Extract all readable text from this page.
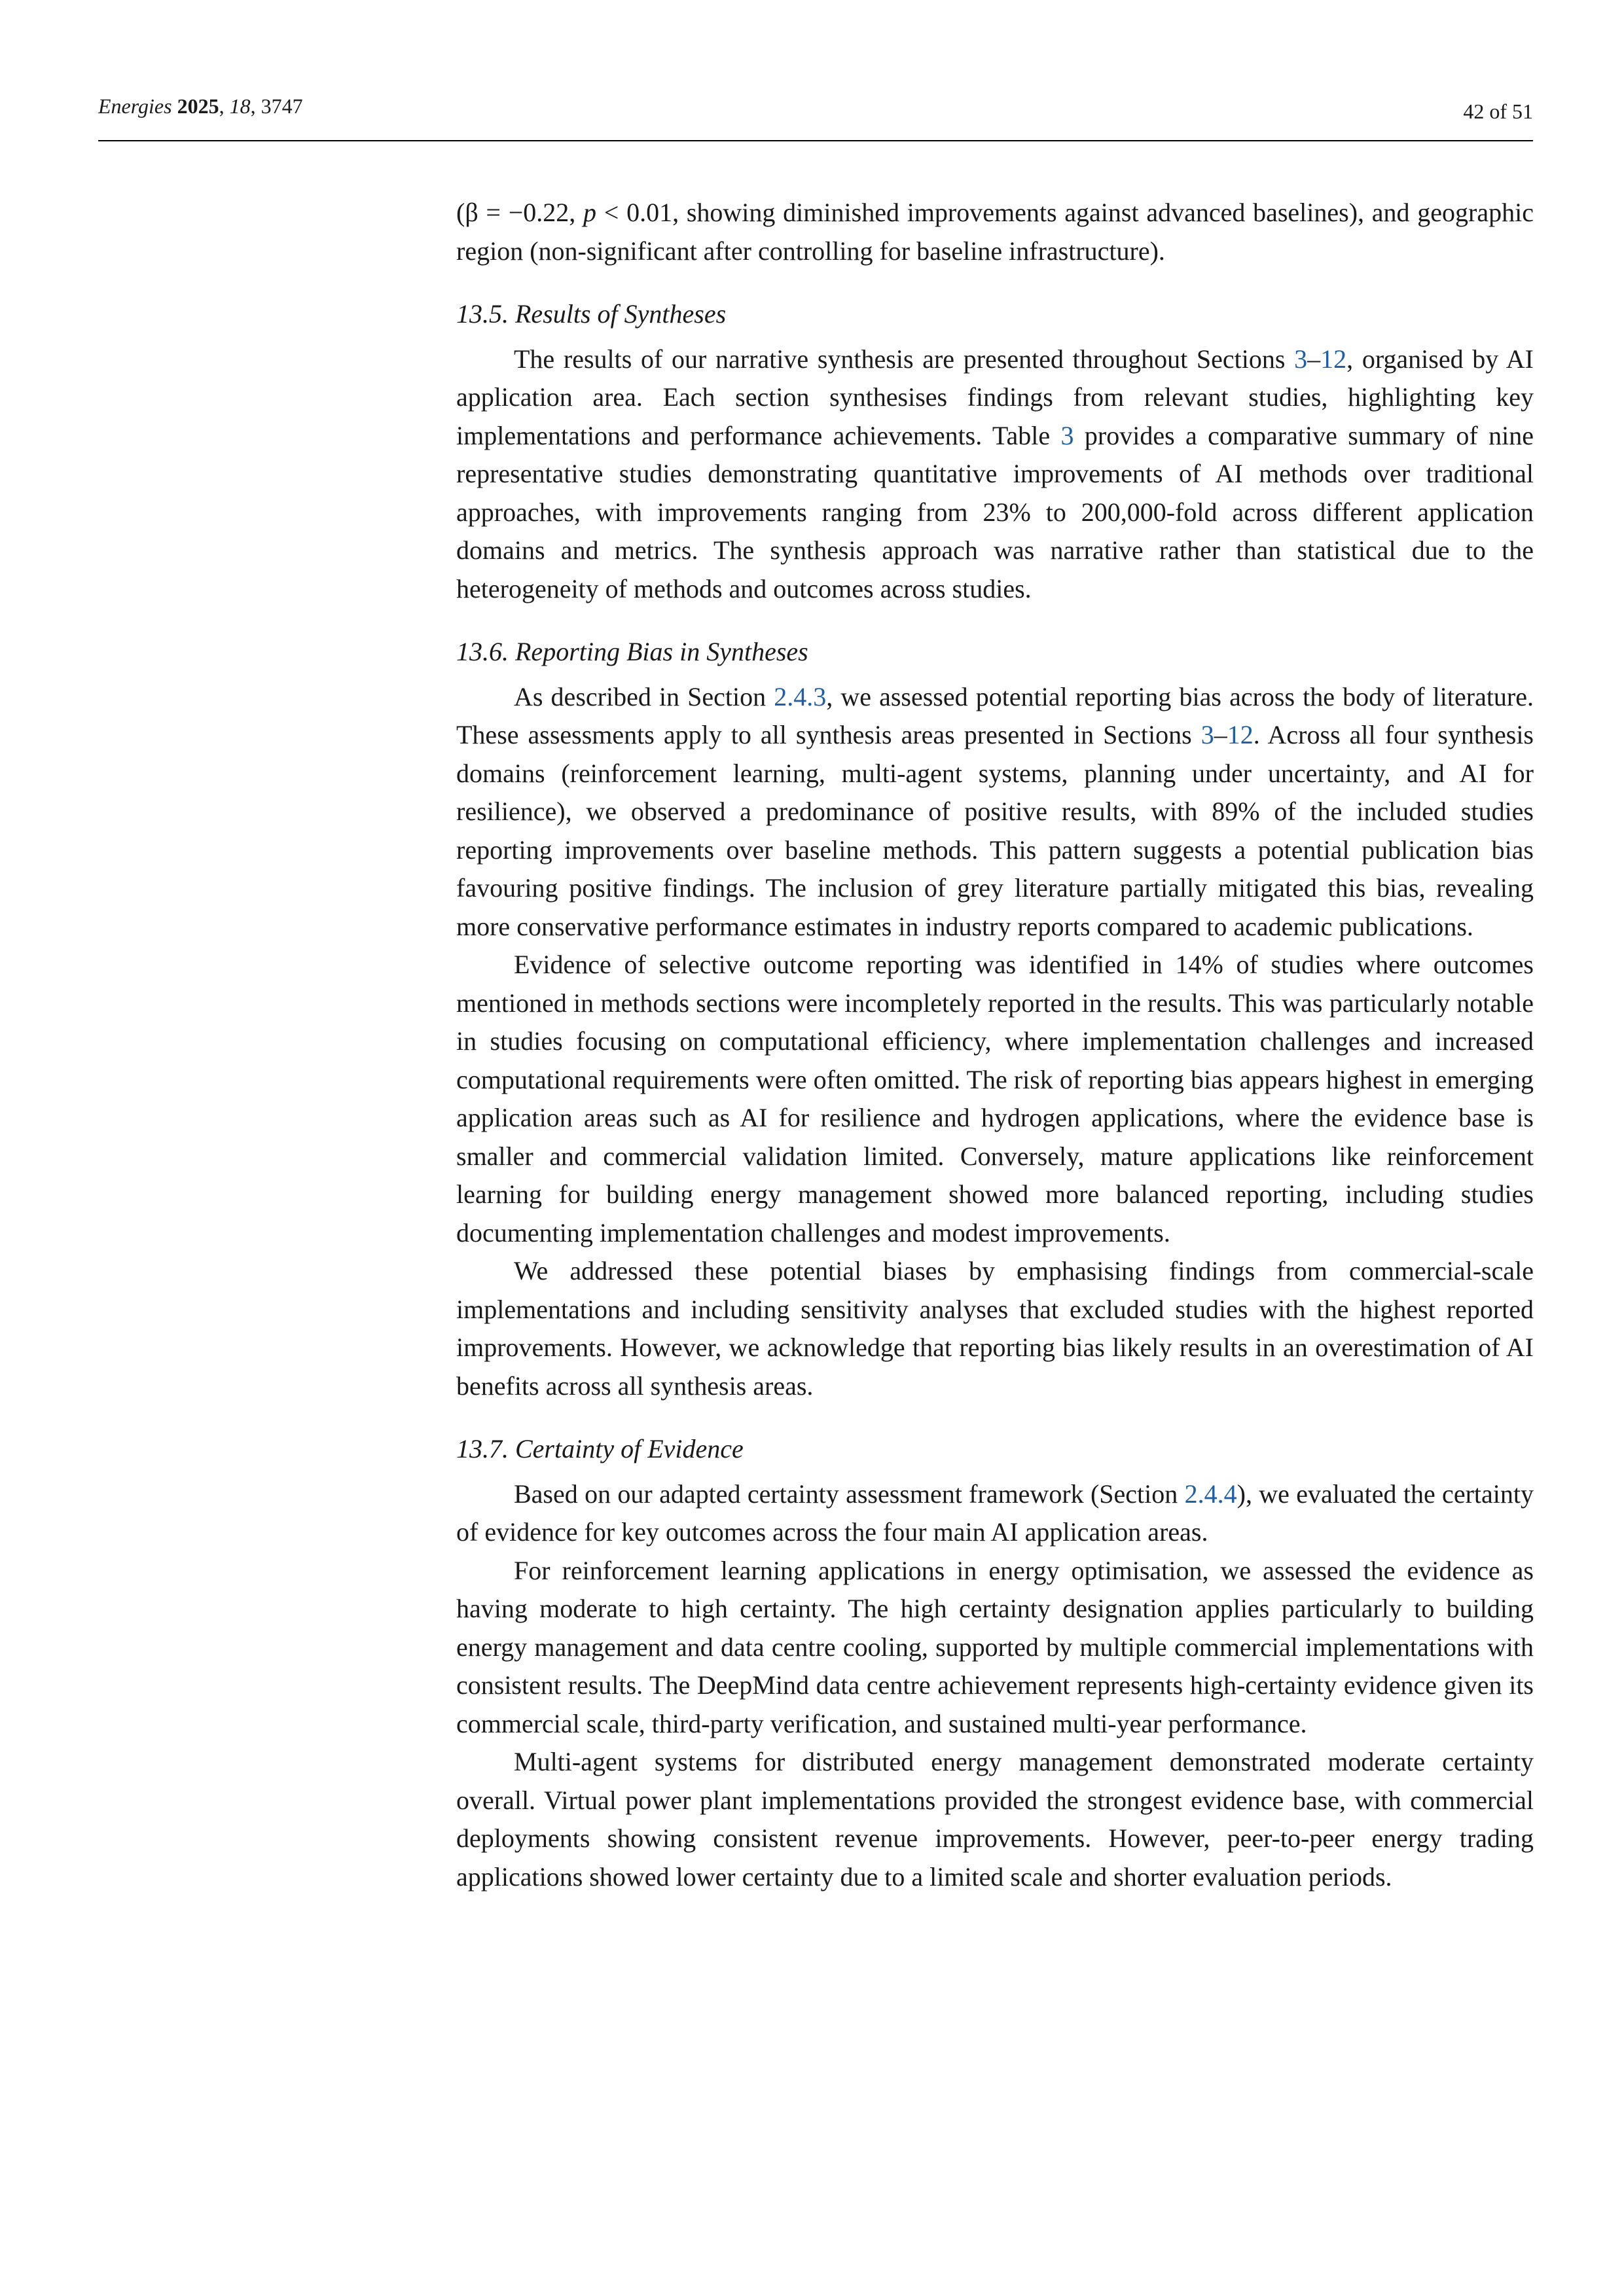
Energies 2025, 18, 3747	42 of 51

(β = −0.22, p < 0.01, showing diminished improvements against advanced baselines), and geographic region (non-significant after controlling for baseline infrastructure).

13.5. Results of Syntheses

The results of our narrative synthesis are presented throughout Sections 3–12, organised by AI application area. Each section synthesises findings from relevant studies, highlighting key implementations and performance achievements. Table 3 provides a comparative summary of nine representative studies demonstrating quantitative improvements of AI methods over traditional approaches, with improvements ranging from 23% to 200,000-fold across different application domains and metrics. The synthesis approach was narrative rather than statistical due to the heterogeneity of methods and outcomes across studies.

13.6. Reporting Bias in Syntheses

As described in Section 2.4.3, we assessed potential reporting bias across the body of literature. These assessments apply to all synthesis areas presented in Sections 3–12. Across all four synthesis domains (reinforcement learning, multi-agent systems, planning under uncertainty, and AI for resilience), we observed a predominance of positive results, with 89% of the included studies reporting improvements over baseline methods. This pattern suggests a potential publication bias favouring positive findings. The inclusion of grey literature partially mitigated this bias, revealing more conservative performance estimates in industry reports compared to academic publications.

Evidence of selective outcome reporting was identified in 14% of studies where outcomes mentioned in methods sections were incompletely reported in the results. This was particularly notable in studies focusing on computational efficiency, where implementation challenges and increased computational requirements were often omitted. The risk of reporting bias appears highest in emerging application areas such as AI for resilience and hydrogen applications, where the evidence base is smaller and commercial validation limited. Conversely, mature applications like reinforcement learning for building energy management showed more balanced reporting, including studies documenting implementation challenges and modest improvements.

We addressed these potential biases by emphasising findings from commercial-scale implementations and including sensitivity analyses that excluded studies with the highest reported improvements. However, we acknowledge that reporting bias likely results in an overestimation of AI benefits across all synthesis areas.

13.7. Certainty of Evidence

Based on our adapted certainty assessment framework (Section 2.4.4), we evaluated the certainty of evidence for key outcomes across the four main AI application areas.

For reinforcement learning applications in energy optimisation, we assessed the evidence as having moderate to high certainty. The high certainty designation applies particularly to building energy management and data centre cooling, supported by multiple commercial implementations with consistent results. The DeepMind data centre achievement represents high-certainty evidence given its commercial scale, third-party verification, and sustained multi-year performance.

Multi-agent systems for distributed energy management demonstrated moderate certainty overall. Virtual power plant implementations provided the strongest evidence base, with commercial deployments showing consistent revenue improvements. However, peer-to-peer energy trading applications showed lower certainty due to a limited scale and shorter evaluation periods.
